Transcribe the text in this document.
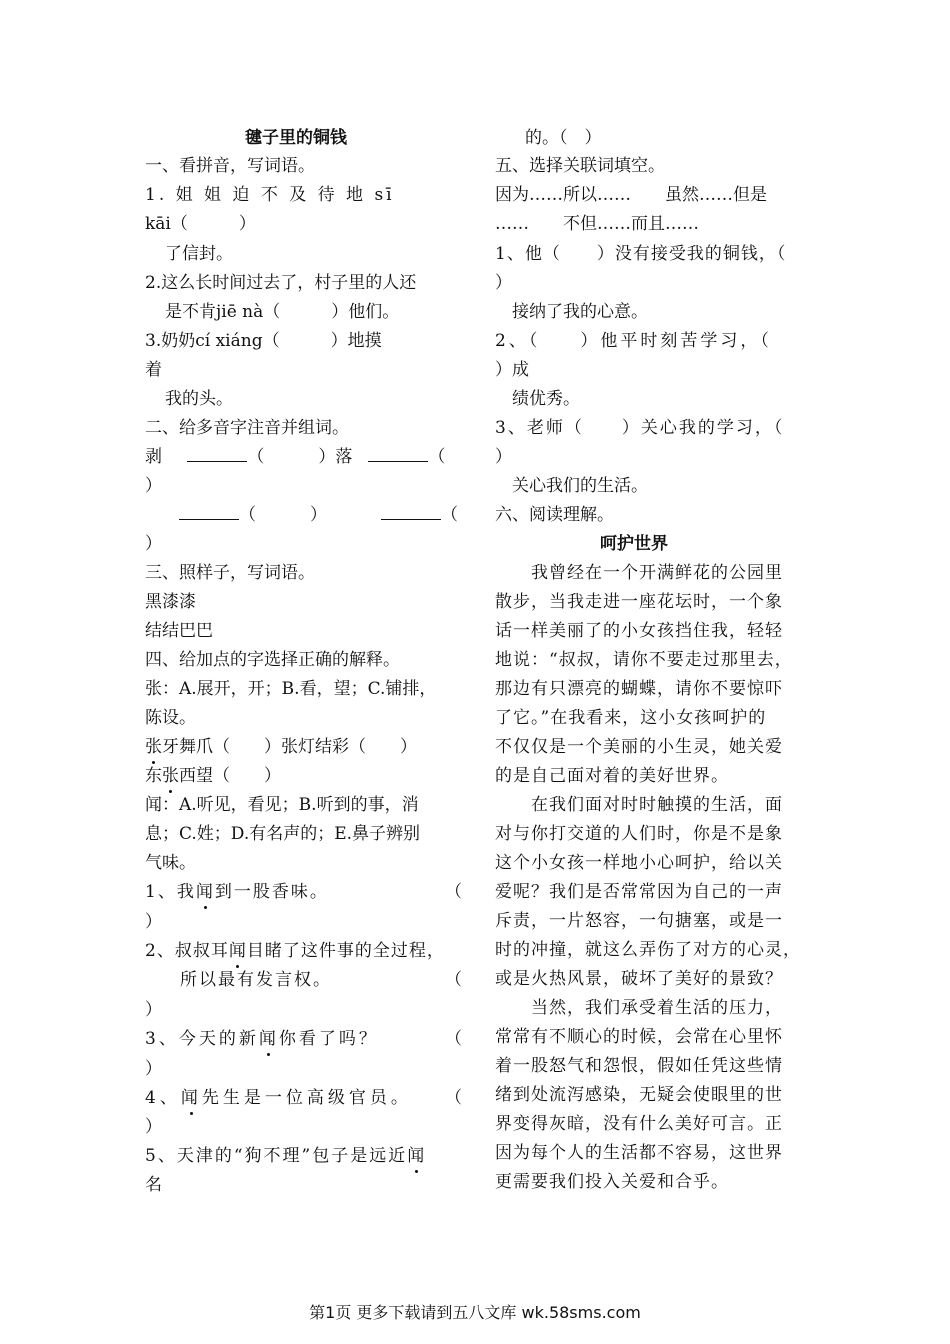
毽子里的铜钱
一、看拼音，写词语。
1. 姐 姐 迫 不 及 待 地 sī
kāi（　　　）
了信封。
2.这么长时间过去了，村子里的人还
是不肯jiē nà（　　　）他们。
3.奶奶cí xiáng（　　　）地摸
着
我的头。
二、给多音字注音并组词。
剥	（	）落	（
）
（	）	（
）
三、照样子，写词语。
黑漆漆
结结巴巴
四、给加点的字选择正确的解释。
张：A.展开，开；B.看，望；C.铺排，
陈设。
张牙舞爪（　　）张灯结彩（　　）
东张西望（　　）
闻：A.听见，看见；B.听到的事，消
息；C.姓；D.有名声的；E.鼻子辨别
气味。
1、我闻到一股香味。	（
）
2、叔叔耳闻目睹了这件事的全过程，
所以最有发言权。	（
）
3、今天的新闻你看了吗？	（
）
4、闻先生是一位高级官员。 （
）
5、天津的“狗不理”包子是远近闻
名
的。（　）
五、选择关联词填空。
因为……所以……　　虽然……但是
……　　不但……而且……
1、他（　　）没有接受我的铜钱，（
）
接纳了我的心意。
2、（　　）他平时刻苦学习，（
）成
绩优秀。
3、老师（　　）关心我的学习，（
）
关心我们的生活。
六、阅读理解。
呵护世界
　　我曾经在一个开满鲜花的公园里
散步，当我走进一座花坛时，一个象
话一样美丽了的小女孩挡住我，轻轻
地说：“叔叔，请你不要走过那里去，
那边有只漂亮的蝴蝶，请你不要惊吓
了它。”在我看来，这小女孩呵护的
不仅仅是一个美丽的小生灵，她关爱
的是自己面对着的美好世界。
　　在我们面对时时触摸的生活，面
对与你打交道的人们时，你是不是象
这个小女孩一样地小心呵护，给以关
爱呢？我们是否常常因为自己的一声
斥责，一片怒容，一句搪塞，或是一
时的冲撞，就这么弄伤了对方的心灵，
或是火热风景，破坏了美好的景致？
　　当然，我们承受着生活的压力，
常常有不顺心的时候，会常在心里怀
着一股怒气和怨恨，假如任凭这些情
绪到处流泻感染，无疑会使眼里的世
界变得灰暗，没有什么美好可言。正
因为每个人的生活都不容易，这世界
更需要我们投入关爱和合乎。
第1页 更多下载请到五八文库 wk.58sms.com
